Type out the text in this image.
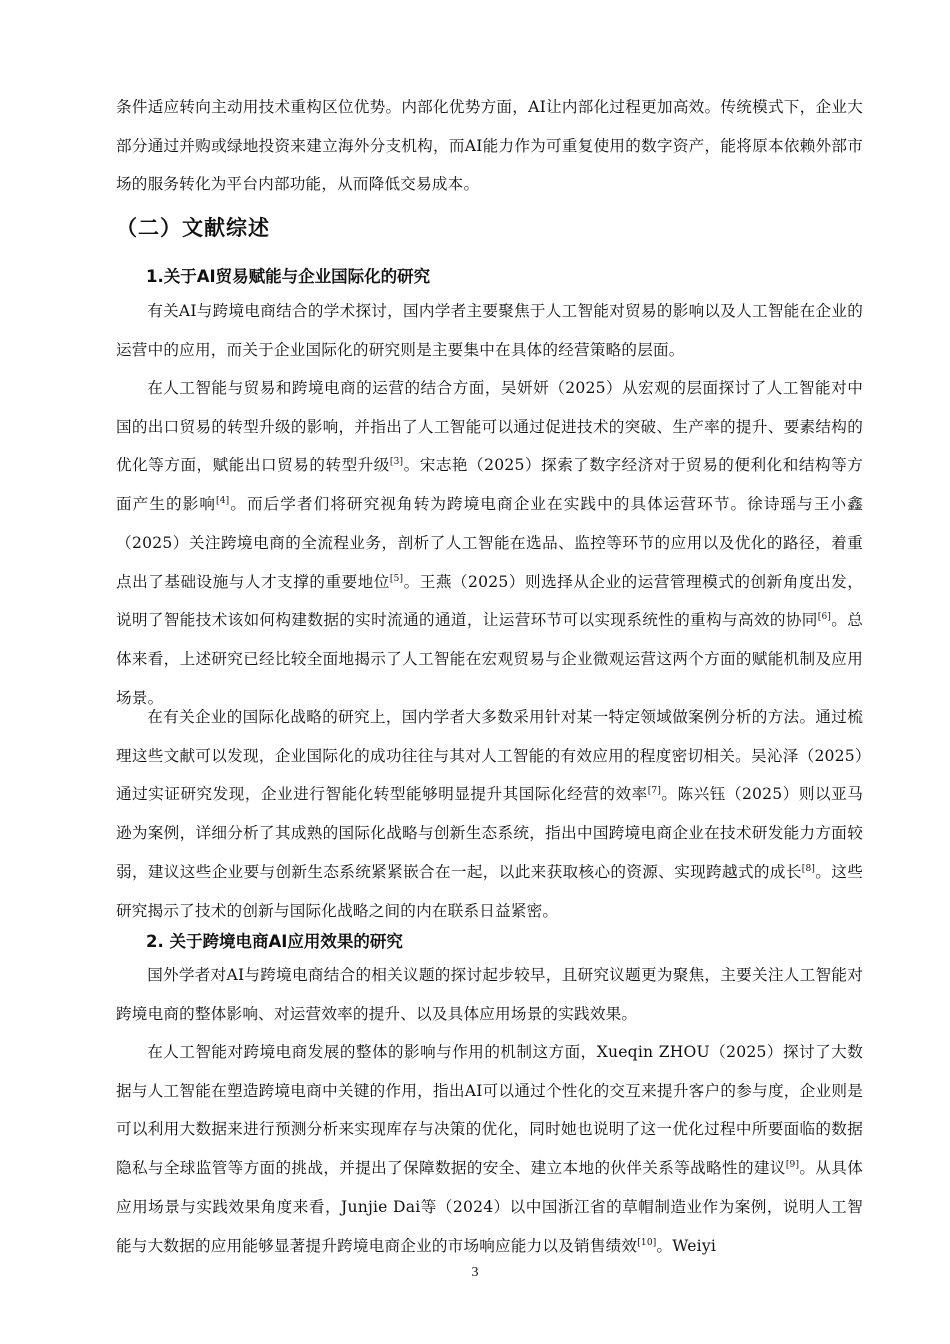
条件适应转向主动用技术重构区位优势。内部化优势方面，AI让内部化过程更加高效。传统模式下，企业大部分通过并购或绿地投资来建立海外分支机构，而AI能力作为可重复使用的数字资产，能将原本依赖外部市场的服务转化为平台内部功能，从而降低交易成本。

（二）文献综述
1.关于AI贸易赋能与企业国际化的研究

有关AI与跨境电商结合的学术探讨，国内学者主要聚焦于人工智能对贸易的影响以及人工智能在企业的运营中的应用，而关于企业国际化的研究则是主要集中在具体的经营策略的层面。

在人工智能与贸易和跨境电商的运营的结合方面，吴妍妍（2025）从宏观的层面探讨了人工智能对中国的出口贸易的转型升级的影响，并指出了人工智能可以通过促进技术的突破、生产率的提升、要素结构的优化等方面，赋能出口贸易的转型升级[3]。宋志艳（2025）探索了数字经济对于贸易的便利化和结构等方面产生的影响[4]。而后学者们将研究视角转为跨境电商企业在实践中的具体运营环节。徐诗瑶与王小鑫（2025）关注跨境电商的全流程业务，剖析了人工智能在选品、监控等环节的应用以及优化的路径，着重点出了基础设施与人才支撑的重要地位[5]。王燕（2025）则选择从企业的运营管理模式的创新角度出发，说明了智能技术该如何构建数据的实时流通的通道，让运营环节可以实现系统性的重构与高效的协同[6]。总体来看，上述研究已经比较全面地揭示了人工智能在宏观贸易与企业微观运营这两个方面的赋能机制及应用场景。

在有关企业的国际化战略的研究上，国内学者大多数采用针对某一特定领域做案例分析的方法。通过梳理这些文献可以发现，企业国际化的成功往往与其对人工智能的有效应用的程度密切相关。吴沁泽（2025）通过实证研究发现，企业进行智能化转型能够明显提升其国际化经营的效率[7]。陈兴钰（2025）则以亚马逊为案例，详细分析了其成熟的国际化战略与创新生态系统，指出中国跨境电商企业在技术研发能力方面较弱，建议这些企业要与创新生态系统紧紧嵌合在一起，以此来获取核心的资源、实现跨越式的成长[8]。这些研究揭示了技术的创新与国际化战略之间的内在联系日益紧密。

2. 关于跨境电商AI应用效果的研究

国外学者对AI与跨境电商结合的相关议题的探讨起步较早，且研究议题更为聚焦，主要关注人工智能对跨境电商的整体影响、对运营效率的提升、以及具体应用场景的实践效果。

在人工智能对跨境电商发展的整体的影响与作用的机制这方面，Xueqin ZHOU（2025）探讨了大数据与人工智能在塑造跨境电商中关键的作用，指出AI可以通过个性化的交互来提升客户的参与度，企业则是可以利用大数据来进行预测分析来实现库存与决策的优化，同时她也说明了这一优化过程中所要面临的数据隐私与全球监管等方面的挑战，并提出了保障数据的安全、建立本地的伙伴关系等战略性的建议[9]。从具体应用场景与实践效果角度来看，Junjie Dai等（2024）以中国浙江省的草帽制造业作为案例，说明人工智能与大数据的应用能够显著提升跨境电商企业的市场响应能力以及销售绩效[10]。Weiyi

3
